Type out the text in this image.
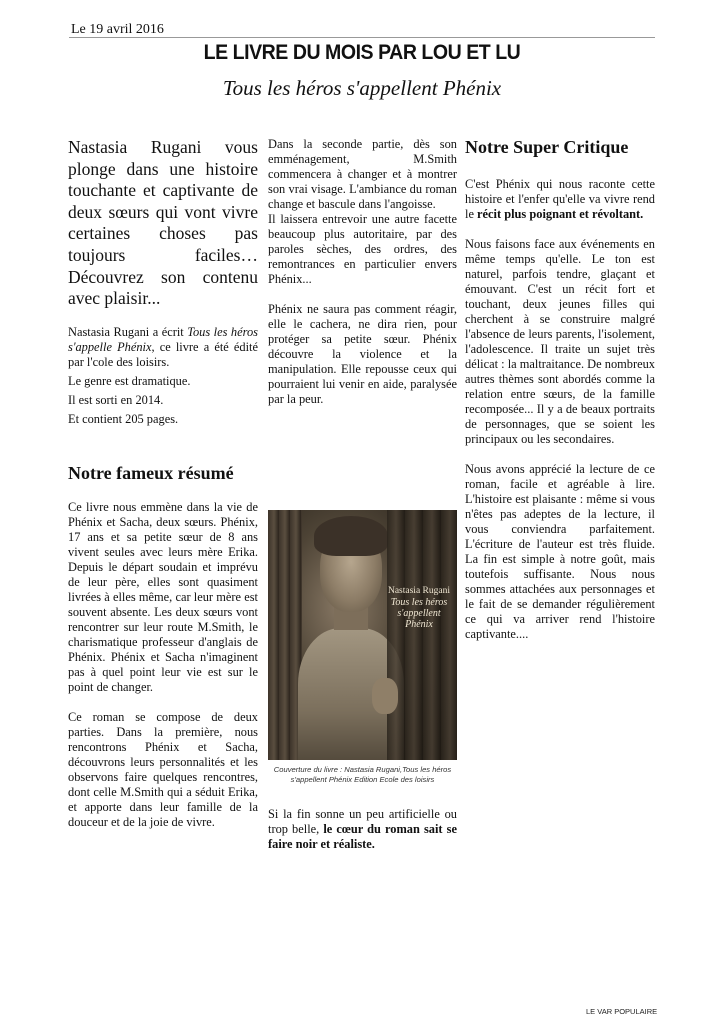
Le 19 avril 2016
LE LIVRE DU MOIS PAR LOU ET LU
Tous les héros s'appellent Phénix

Nastasia Rugani vous plonge dans une histoire touchante et captivante de deux sœurs qui vont vivre certaines choses pas toujours faciles… Découvrez son contenu avec plaisir...

Nastasia Rugani a écrit Tous les héros s'appelle Phénix, ce livre a été édité par l'cole des loisirs.

Le genre est dramatique.

Il est sorti en 2014.

Et contient 205 pages.

Notre fameux résumé

Ce livre nous emmène dans la vie de Phénix et Sacha, deux sœurs. Phénix, 17 ans et sa petite sœur de 8 ans vivent seules avec leurs mère Erika. Depuis le départ soudain et imprévu de leur père, elles sont quasiment livrées à elles même, car leur mère est souvent absente. Les deux sœurs vont rencontrer sur leur route M.Smith, le charismatique professeur d'anglais de Phénix. Phénix et Sacha n'imaginent pas à quel point leur vie est sur le point de changer.

Ce roman se compose de deux parties. Dans la première, nous rencontrons Phénix et Sacha, découvrons leurs personnalités et les observons faire quelques rencontres, dont celle M.Smith qui a séduit Erika, et apporte dans leur famille de la douceur et de la joie de vivre.

Dans la seconde partie, dès son emménagement, M.Smith commencera à changer et à montrer son vrai visage. L'ambiance du roman change et bascule dans l'angoisse.

Il laissera entrevoir une autre facette beaucoup plus autoritaire, par des paroles sèches, des ordres, des remontrances en particulier envers Phénix...

Phénix ne saura pas comment réagir, elle le cachera, ne dira rien, pour protéger sa petite sœur. Phénix découvre la violence et la manipulation. Elle repousse ceux qui pourraient lui venir en aide, paralysée par la peur.

Nastasia Rugani
Tous les héros s'appellent Phénix
Couverture du livre : Nastasia Rugani,Tous les héros s'appellent Phénix Edition Ecole des loisirs

Si la fin sonne un peu artificielle ou trop belle, le cœur du roman sait se faire noir et réaliste.

Notre Super Critique

C'est Phénix qui nous raconte cette histoire et l'enfer qu'elle va vivre rend le récit plus poignant et révoltant.

Nous faisons face aux événements en même temps qu'elle. Le ton est naturel, parfois tendre, glaçant et émouvant. C'est un récit fort et touchant, deux jeunes filles qui cherchent à se construire malgré l'absence de leurs parents, l'isolement, l'adolescence. Il traite un sujet très délicat : la maltraitance. De nombreux autres thèmes sont abordés comme la relation entre sœurs, de la famille recomposée... Il y a de beaux portraits de personnages, que se soient les principaux ou les secondaires.

Nous avons apprécié la lecture de ce roman, facile et agréable à lire. L'histoire est plaisante : même si vous n'êtes pas adeptes de la lecture, il vous conviendra parfaitement. L'écriture de l'auteur est très fluide. La fin est simple à notre goût, mais toutefois suffisante. Nous nous sommes attachées aux personnages et le fait de se demander régulièrement ce qui va arriver rend l'histoire captivante....

LE VAR POPULAIRE
